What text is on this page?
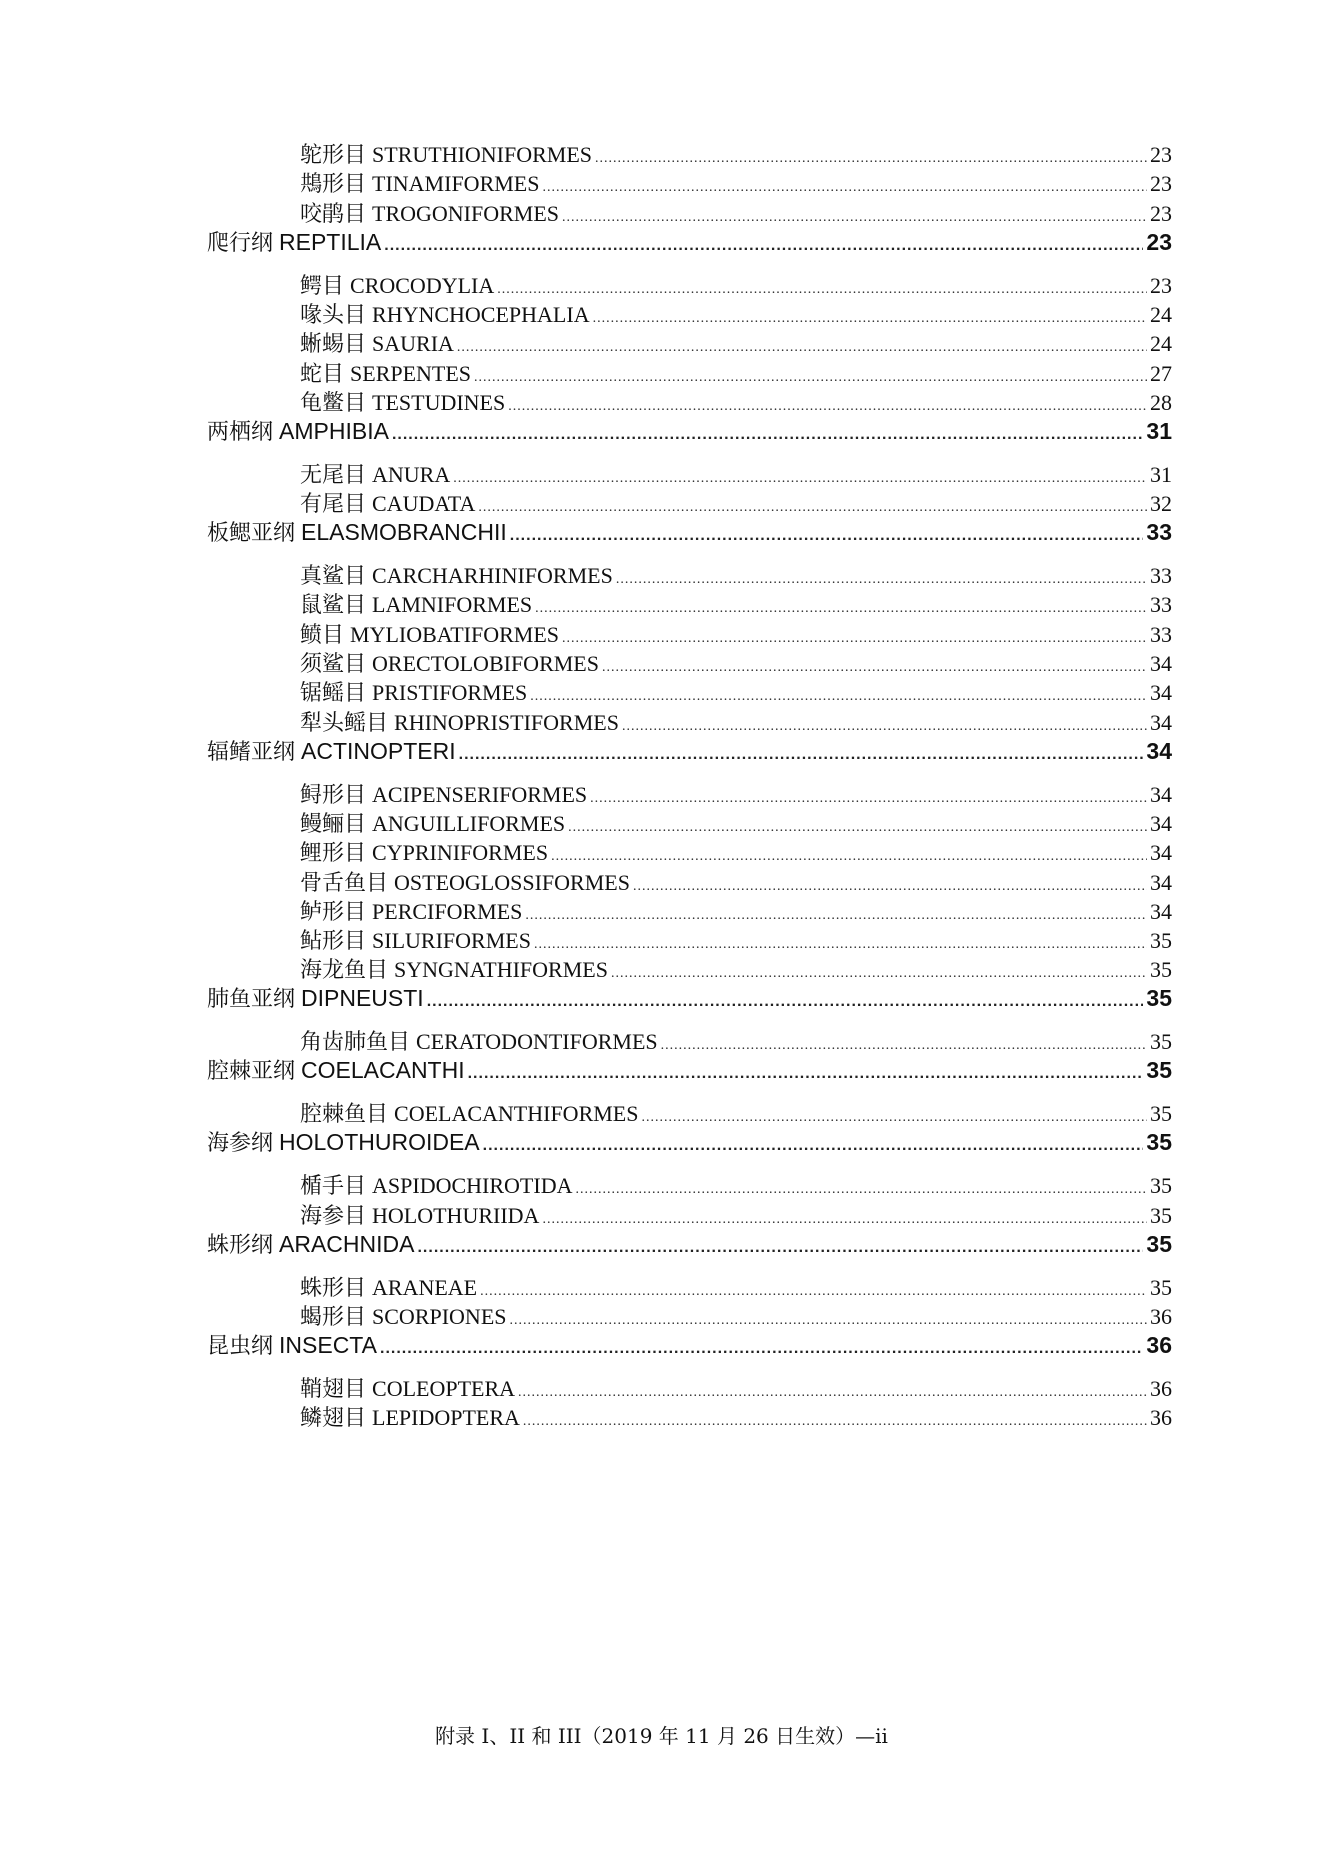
鸵形目 STRUTHIONIFORMES .....	23
䳍形目 TINAMIFORMES .....	23
咬鹃目 TROGONIFORMES .....	23
爬行纲 REPTILIA .....	23
鳄目 CROCODYLIA .....	23
喙头目 RHYNCHOCEPHALIA .....	24
蜥蜴目 SAURIA .....	24
蛇目 SERPENTES .....	27
龟鳖目 TESTUDINES .....	28
两栖纲 AMPHIBIA .....	31
无尾目 ANURA .....	31
有尾目 CAUDATA .....	32
板鳃亚纲 ELASMOBRANCHII .....	33
真鲨目 CARCHARHINIFORMES .....	33
鼠鲨目 LAMNIFORMES .....	33
鲼目 MYLIOBATIFORMES .....	33
须鲨目 ORECTOLOBIFORMES .....	34
锯鳐目 PRISTIFORMES .....	34
犁头鳐目 RHINOPRISTIFORMES .....	34
辐鳍亚纲 ACTINOPTERI .....	34
鲟形目 ACIPENSERIFORMES .....	34
鳗鲡目 ANGUILLIFORMES .....	34
鲤形目 CYPRINIFORMES .....	34
骨舌鱼目 OSTEOGLOSSIFORMES .....	34
鲈形目 PERCIFORMES .....	34
鲇形目 SILURIFORMES .....	35
海龙鱼目 SYNGNATHIFORMES .....	35
肺鱼亚纲 DIPNEUSTI .....	35
角齿肺鱼目 CERATODONTIFORMES .....	35
腔棘亚纲 COELACANTHI .....	35
腔棘鱼目 COELACANTHIFORMES .....	35
海参纲 HOLOTHUROIDEA .....	35
楯手目 ASPIDOCHIROTIDA .....	35
海参目 HOLOTHURIIDA .....	35
蛛形纲 ARACHNIDA .....	35
蛛形目 ARANEAE .....	35
蝎形目 SCORPIONES .....	36
昆虫纲 INSECTA .....	36
鞘翅目 COLEOPTERA .....	36
鳞翅目 LEPIDOPTERA .....	36
附录 I、II 和 III（2019 年 11 月 26 日生效）—ii
